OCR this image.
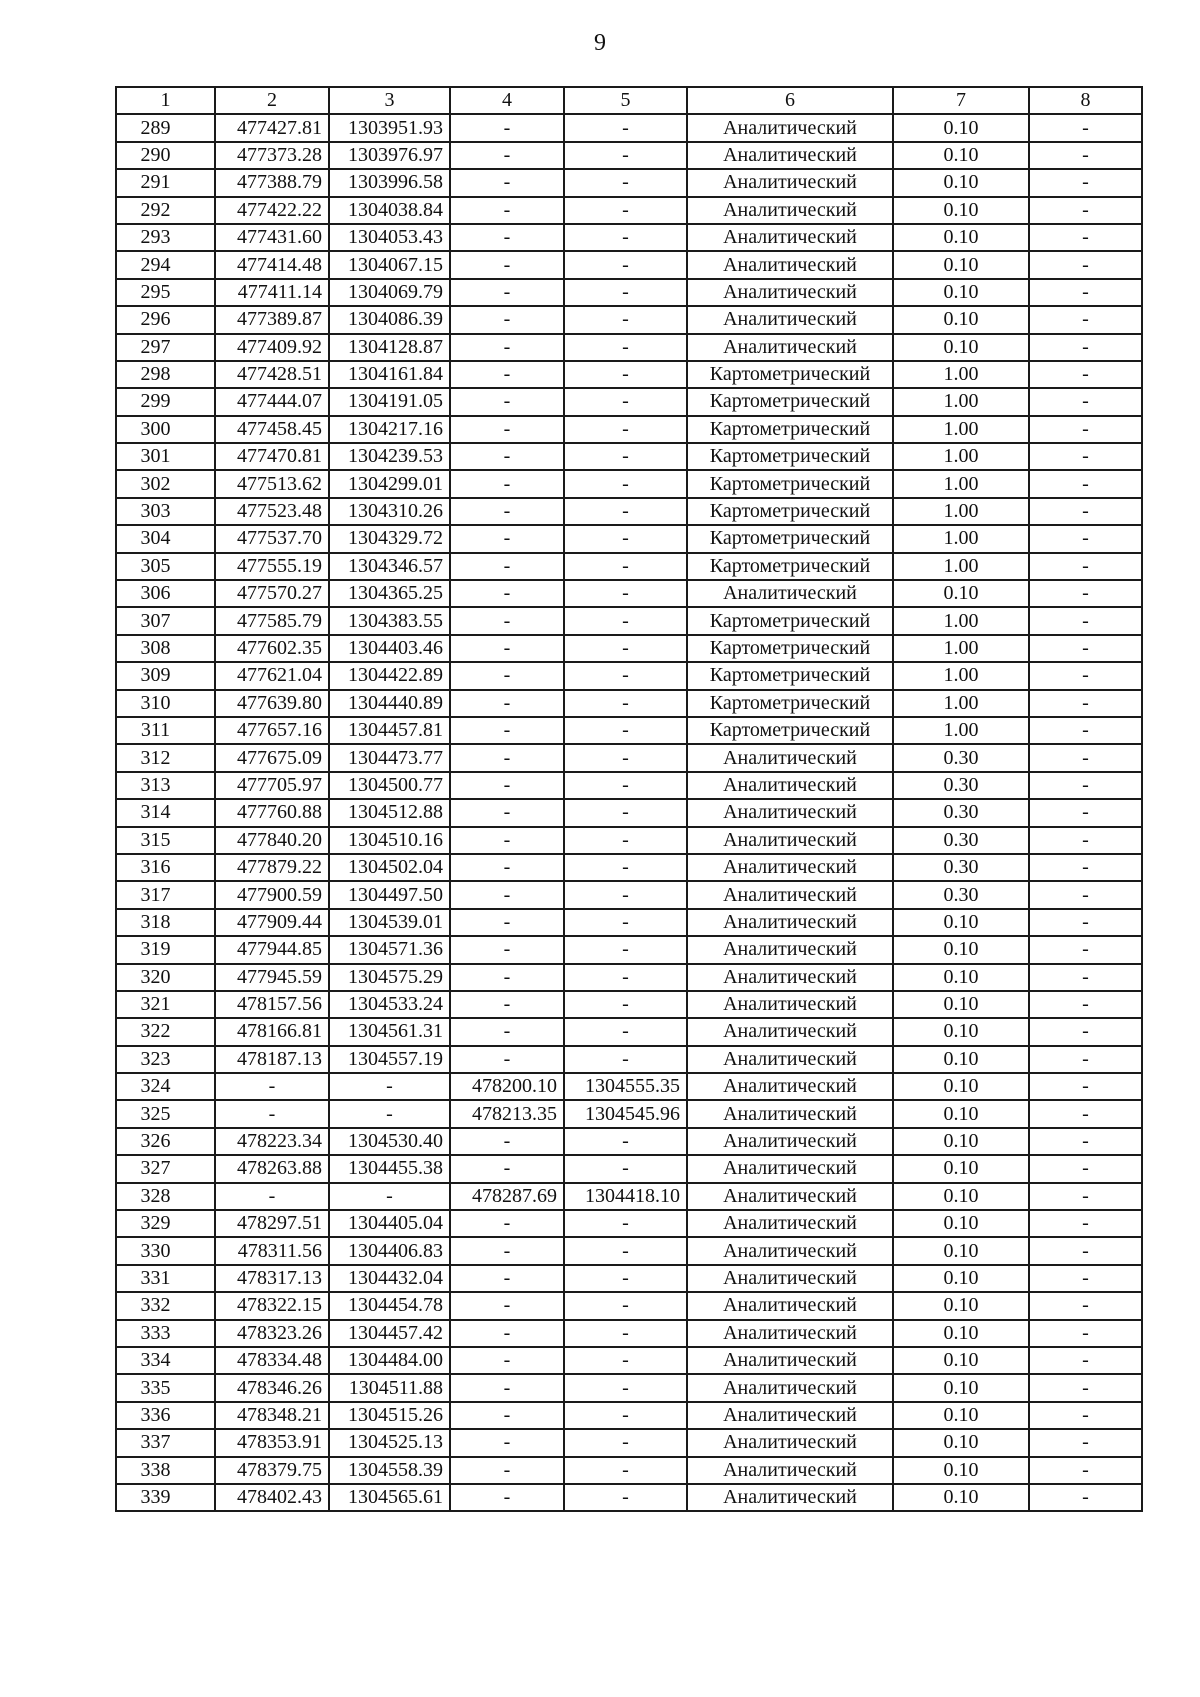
9
1	2	3	4	5	6	7	8
289	477427.81	1303951.93	-	-	Аналитический	0.10	-
290	477373.28	1303976.97	-	-	Аналитический	0.10	-
291	477388.79	1303996.58	-	-	Аналитический	0.10	-
292	477422.22	1304038.84	-	-	Аналитический	0.10	-
293	477431.60	1304053.43	-	-	Аналитический	0.10	-
294	477414.48	1304067.15	-	-	Аналитический	0.10	-
295	477411.14	1304069.79	-	-	Аналитический	0.10	-
296	477389.87	1304086.39	-	-	Аналитический	0.10	-
297	477409.92	1304128.87	-	-	Аналитический	0.10	-
298	477428.51	1304161.84	-	-	Картометрический	1.00	-
299	477444.07	1304191.05	-	-	Картометрический	1.00	-
300	477458.45	1304217.16	-	-	Картометрический	1.00	-
301	477470.81	1304239.53	-	-	Картометрический	1.00	-
302	477513.62	1304299.01	-	-	Картометрический	1.00	-
303	477523.48	1304310.26	-	-	Картометрический	1.00	-
304	477537.70	1304329.72	-	-	Картометрический	1.00	-
305	477555.19	1304346.57	-	-	Картометрический	1.00	-
306	477570.27	1304365.25	-	-	Аналитический	0.10	-
307	477585.79	1304383.55	-	-	Картометрический	1.00	-
308	477602.35	1304403.46	-	-	Картометрический	1.00	-
309	477621.04	1304422.89	-	-	Картометрический	1.00	-
310	477639.80	1304440.89	-	-	Картометрический	1.00	-
311	477657.16	1304457.81	-	-	Картометрический	1.00	-
312	477675.09	1304473.77	-	-	Аналитический	0.30	-
313	477705.97	1304500.77	-	-	Аналитический	0.30	-
314	477760.88	1304512.88	-	-	Аналитический	0.30	-
315	477840.20	1304510.16	-	-	Аналитический	0.30	-
316	477879.22	1304502.04	-	-	Аналитический	0.30	-
317	477900.59	1304497.50	-	-	Аналитический	0.30	-
318	477909.44	1304539.01	-	-	Аналитический	0.10	-
319	477944.85	1304571.36	-	-	Аналитический	0.10	-
320	477945.59	1304575.29	-	-	Аналитический	0.10	-
321	478157.56	1304533.24	-	-	Аналитический	0.10	-
322	478166.81	1304561.31	-	-	Аналитический	0.10	-
323	478187.13	1304557.19	-	-	Аналитический	0.10	-
324	-	-	478200.10	1304555.35	Аналитический	0.10	-
325	-	-	478213.35	1304545.96	Аналитический	0.10	-
326	478223.34	1304530.40	-	-	Аналитический	0.10	-
327	478263.88	1304455.38	-	-	Аналитический	0.10	-
328	-	-	478287.69	1304418.10	Аналитический	0.10	-
329	478297.51	1304405.04	-	-	Аналитический	0.10	-
330	478311.56	1304406.83	-	-	Аналитический	0.10	-
331	478317.13	1304432.04	-	-	Аналитический	0.10	-
332	478322.15	1304454.78	-	-	Аналитический	0.10	-
333	478323.26	1304457.42	-	-	Аналитический	0.10	-
334	478334.48	1304484.00	-	-	Аналитический	0.10	-
335	478346.26	1304511.88	-	-	Аналитический	0.10	-
336	478348.21	1304515.26	-	-	Аналитический	0.10	-
337	478353.91	1304525.13	-	-	Аналитический	0.10	-
338	478379.75	1304558.39	-	-	Аналитический	0.10	-
339	478402.43	1304565.61	-	-	Аналитический	0.10	-
